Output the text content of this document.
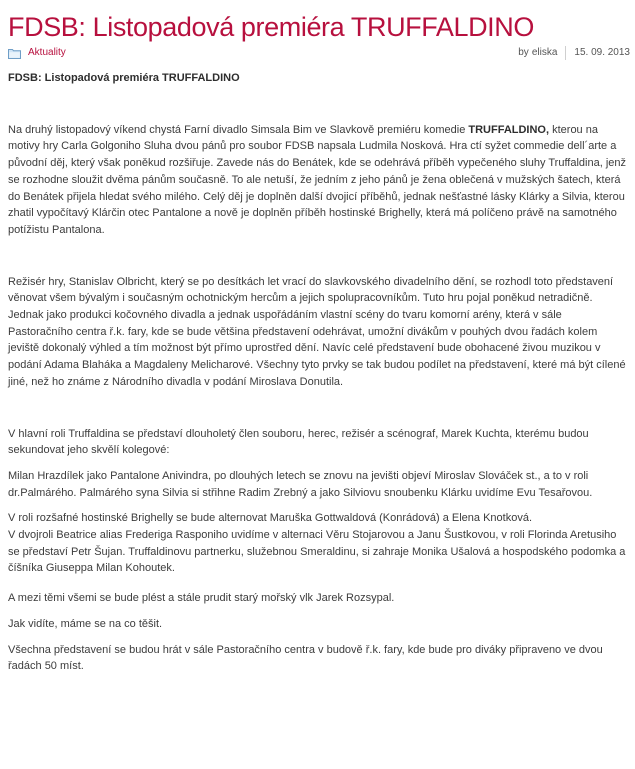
FDSB: Listopadová premiéra TRUFFALDINO
Aktuality	by eliska 15. 09. 2013

FDSB: Listopadová premiéra TRUFFALDINO

Na druhý listopadový víkend chystá Farní divadlo Simsala Bim ve Slavkově premiéru komedie TRUFFALDINO, kterou na motivy hry Carla Golgoniho Sluha dvou pánů pro soubor FDSB napsala Ludmila Nosková. Hra ctí syžet commedie dell´arte a původní děj, který však poněkud rozšiřuje. Zavede nás do Benátek, kde se odehrává příběh vypečeného sluhy Truffaldina, jenž se rozhodne sloužit dvěma pánům současně. To ale netuší, že jedním z jeho pánů je žena oblečená v mužských šatech, která do Benátek přijela hledat svého milého. Celý děj je doplněn další dvojicí příběhů, jednak nešťastné lásky Klárky a Silvia, kterou zhatil vypočítavý Klárčin otec Pantalone a nově je doplněn příběh hostinské Brighelly, která má políčeno právě na samotného potížistu Pantalona.

Režisér hry, Stanislav Olbricht, který se po desítkách let vrací do slavkovského divadelního dění, se rozhodl toto představení věnovat všem bývalým i současným ochotnickým hercům a jejich spolupracovníkům. Tuto hru pojal poněkud netradičně. Jednak jako produkci kočovného divadla a jednak uspořádáním vlastní scény do tvaru komorní arény, která v sále Pastoračního centra ř.k. fary, kde se bude většina představení odehrávat, umožní divákům v pouhých dvou řadách kolem jeviště dokonalý výhled a tím možnost být přímo uprostřed dění. Navíc celé představení bude obohacené živou muzikou v podání Adama Blaháka a Magdaleny Melicharové. Všechny tyto prvky se tak budou podílet na představení, které má být cílené jiné, než ho známe z Národního divadla v podání Miroslava Donutila.

V hlavní roli Truffaldina se představí dlouholetý člen souboru, herec, režisér a scénograf, Marek Kuchta, kterému budou sekundovat jeho skvělí kolegové:

Milan Hrazdílek jako Pantalone Anivindra, po dlouhých letech se znovu na jevišti objeví Miroslav Slováček st., a to v roli dr.Palmárého. Palmárého syna Silvia si střihne Radim Zrebný a jako Silviovu snoubenku Klárku uvidíme Evu Tesařovou.

V roli rozšafné hostinské Brighelly se bude alternovat Maruška Gottwaldová (Konrádová) a Elena Knotková.

V dvojroli Beatrice alias Frederiga Rasponiho uvidíme v alternaci Věru Stojarovou a Janu Šustkovou, v roli Florinda Aretusiho se představí Petr Šujan. Truffaldinovu partnerku, služebnou Smeraldinu, si zahraje Monika Ušalová a hospodského podomka a číšníka Giuseppa Milan Kohoutek.

A mezi těmi všemi se bude plést a stále prudit starý mořský vlk Jarek Rozsypal.

Jak vidíte, máme se na co těšit.

Všechna představení se budou hrát v sále Pastoračního centra v budově ř.k. fary, kde bude pro diváky připraveno ve dvou řadách 50 míst.
